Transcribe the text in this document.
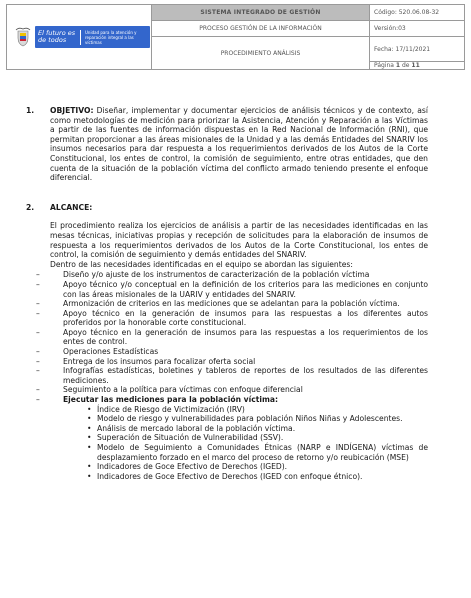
El futuro es de todos
Unidad para la atención y reparación integral a las víctimas	SISTEMA INTEGRADO DE GESTIÓN	Código: 520.06.08-32

	PROCESO GESTIÓN DE LA INFORMACIÓN	Versión:03

	PROCEDIMIENTO ANÁLISIS	Fecha: 17/11/2021
		Página 1 de 11
1. OBJETIVO: Diseñar, implementar y documentar ejercicios de análisis técnicos y de contexto, así como metodologías de medición para priorizar la Asistencia, Atención y Reparación a las Víctimas a partir de las fuentes de información dispuestas en la Red Nacional de Información (RNI), que permitan proporcionar a las áreas misionales de la Unidad y a las demás Entidades del SNARIV los insumos necesarios para dar respuesta a los requerimientos derivados de los Autos de la Corte Constitucional, los entes de control, la comisión de seguimiento, entre otras entidades, que den cuenta de la situación de la población víctima del conflicto armado teniendo presente el enfoque diferencial.

2. ALCANCE:

El procedimiento realiza los ejercicios de análisis a partir de las necesidades identificadas en las mesas técnicas, iniciativas propias y recepción de solicitudes para la elaboración de insumos de respuesta a los requerimientos derivados de los Autos de la Corte Constitucional, los entes de control, la comisión de seguimiento y demás entidades del SNARIV.

Dentro de las necesidades identificadas en el equipo se abordan las siguientes:

–	Diseño y/o ajuste de los instrumentos de caracterización de la población víctima
–	Apoyo técnico y/o conceptual en la definición de los criterios para las mediciones en conjunto con las áreas misionales de la UARIV y entidades del SNARIV.
–	Armonización de criterios en las mediciones que se adelantan para la población víctima.
–	Apoyo técnico en la generación de insumos para las respuestas a los diferentes autos proferidos por la honorable corte constitucional.
–	Apoyo técnico en la generación de insumos para las respuestas a los requerimientos de los entes de control.
–	Operaciones Estadísticas
–	Entrega de los insumos para focalizar oferta social
–	Infografías estadísticas, boletines y tableros de reportes de los resultados de las diferentes mediciones.
–	Seguimiento a la política para víctimas con enfoque diferencial
–	Ejecutar las mediciones para la población víctima:
• Índice de Riesgo de Victimización (IRV)
• Modelo de riesgo y vulnerabilidades para población Niños Niñas y Adolescentes.
• Análisis de mercado laboral de la población víctima.
• Superación de Situación de Vulnerabilidad (SSV).
• Modelo de Seguimiento a Comunidades Étnicas (NARP e INDÍGENA) víctimas de desplazamiento forzado en el marco del proceso de retorno y/o reubicación (MSE)
• Indicadores de Goce Efectivo de Derechos (IGED).
• Indicadores de Goce Efectivo de Derechos (IGED con enfoque étnico).
